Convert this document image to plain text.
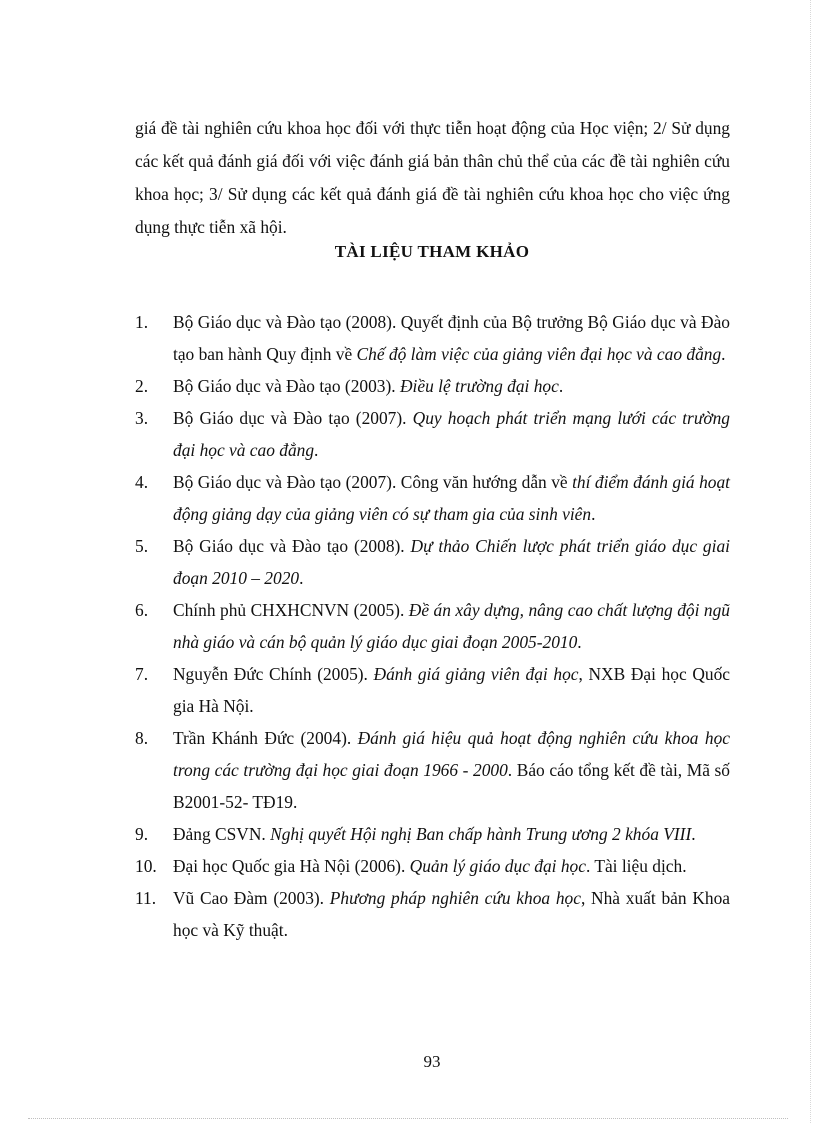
giá đề tài nghiên cứu khoa học đối với thực tiễn hoạt động của Học viện; 2/ Sử dụng các kết quả đánh giá đối với việc đánh giá bản thân chủ thể của các đề tài nghiên cứu khoa học; 3/ Sử dụng các kết quả đánh giá đề tài nghiên cứu khoa học cho việc ứng dụng thực tiễn xã hội.

TÀI LIỆU THAM KHẢO
1. Bộ Giáo dục và Đào tạo (2008). Quyết định của Bộ trưởng Bộ Giáo dục và Đào tạo ban hành Quy định về Chế độ làm việc của giảng viên đại học và cao đẳng.
2. Bộ Giáo dục và Đào tạo (2003). Điều lệ trường đại học.
3. Bộ Giáo dục và Đào tạo (2007). Quy hoạch phát triển mạng lưới các trường đại học và cao đẳng.
4. Bộ Giáo dục và Đào tạo (2007). Công văn hướng dẫn về thí điểm đánh giá hoạt động giảng dạy của giảng viên có sự tham gia của sinh viên.
5. Bộ Giáo dục và Đào tạo (2008). Dự thảo Chiến lược phát triển giáo dục giai đoạn 2010 – 2020.
6. Chính phủ CHXHCNVN (2005). Đề án xây dựng, nâng cao chất lượng đội ngũ nhà giáo và cán bộ quản lý giáo dục giai đoạn 2005-2010.
7. Nguyễn Đức Chính (2005). Đánh giá giảng viên đại học, NXB Đại học Quốc gia Hà Nội.
8. Trần Khánh Đức (2004). Đánh giá hiệu quả hoạt động nghiên cứu khoa học trong các trường đại học giai đoạn 1966 - 2000. Báo cáo tổng kết đề tài, Mã số B2001-52- TĐ19.
9. Đảng CSVN. Nghị quyết Hội nghị Ban chấp hành Trung ương 2 khóa VIII.
10. Đại học Quốc gia Hà Nội (2006). Quản lý giáo dục đại học. Tài liệu dịch.
11. Vũ Cao Đàm (2003). Phương pháp nghiên cứu khoa học, Nhà xuất bản Khoa học và Kỹ thuật.
93
